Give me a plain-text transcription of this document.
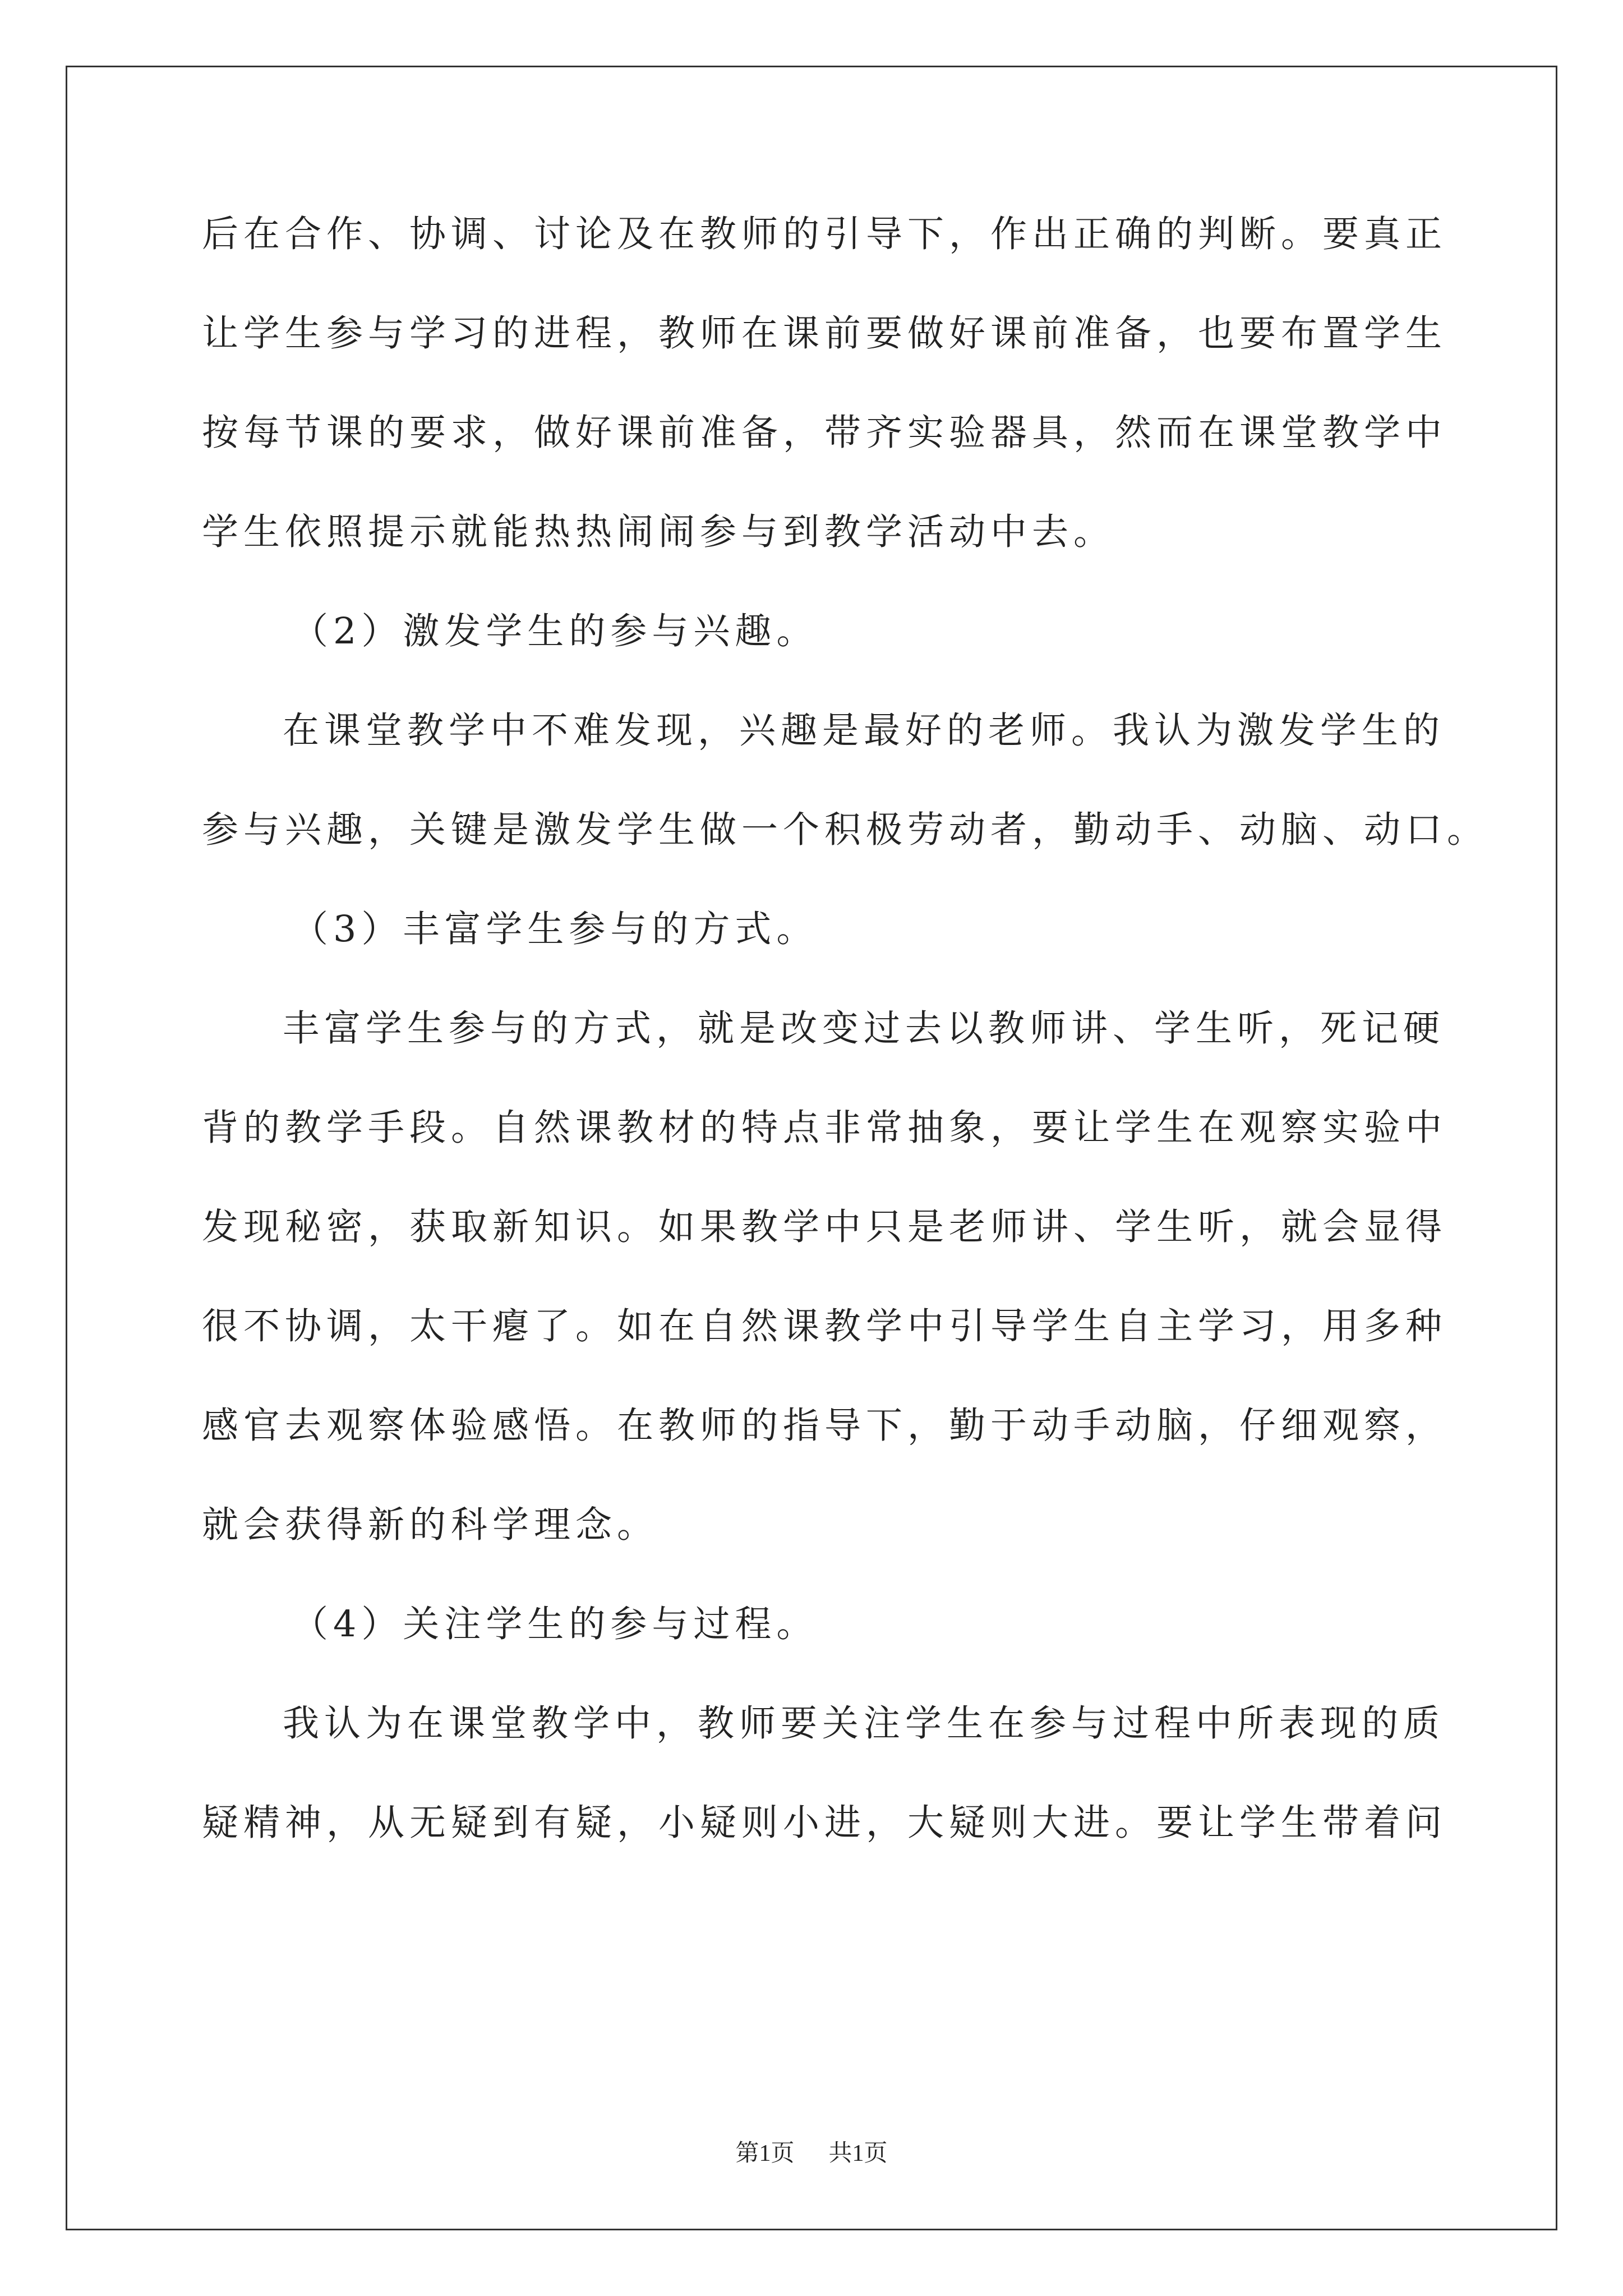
后在合作、协调、讨论及在教师的引导下，作出正确的判断。要真正
让学生参与学习的进程，教师在课前要做好课前准备，也要布置学生
按每节课的要求，做好课前准备，带齐实验器具，然而在课堂教学中
学生依照提示就能热热闹闹参与到教学活动中去。
（2）激发学生的参与兴趣。
在课堂教学中不难发现，兴趣是最好的老师。我认为激发学生的
参与兴趣，关键是激发学生做一个积极劳动者，勤动手、动脑、动口。
（3）丰富学生参与的方式。
丰富学生参与的方式，就是改变过去以教师讲、学生听，死记硬
背的教学手段。自然课教材的特点非常抽象，要让学生在观察实验中
发现秘密，获取新知识。如果教学中只是老师讲、学生听，就会显得
很不协调，太干瘪了。如在自然课教学中引导学生自主学习，用多种
感官去观察体验感悟。在教师的指导下，勤于动手动脑，仔细观察，
就会获得新的科学理念。
（4）关注学生的参与过程。
我认为在课堂教学中，教师要关注学生在参与过程中所表现的质
疑精神，从无疑到有疑，小疑则小进，大疑则大进。要让学生带着问
第1页 共1页
